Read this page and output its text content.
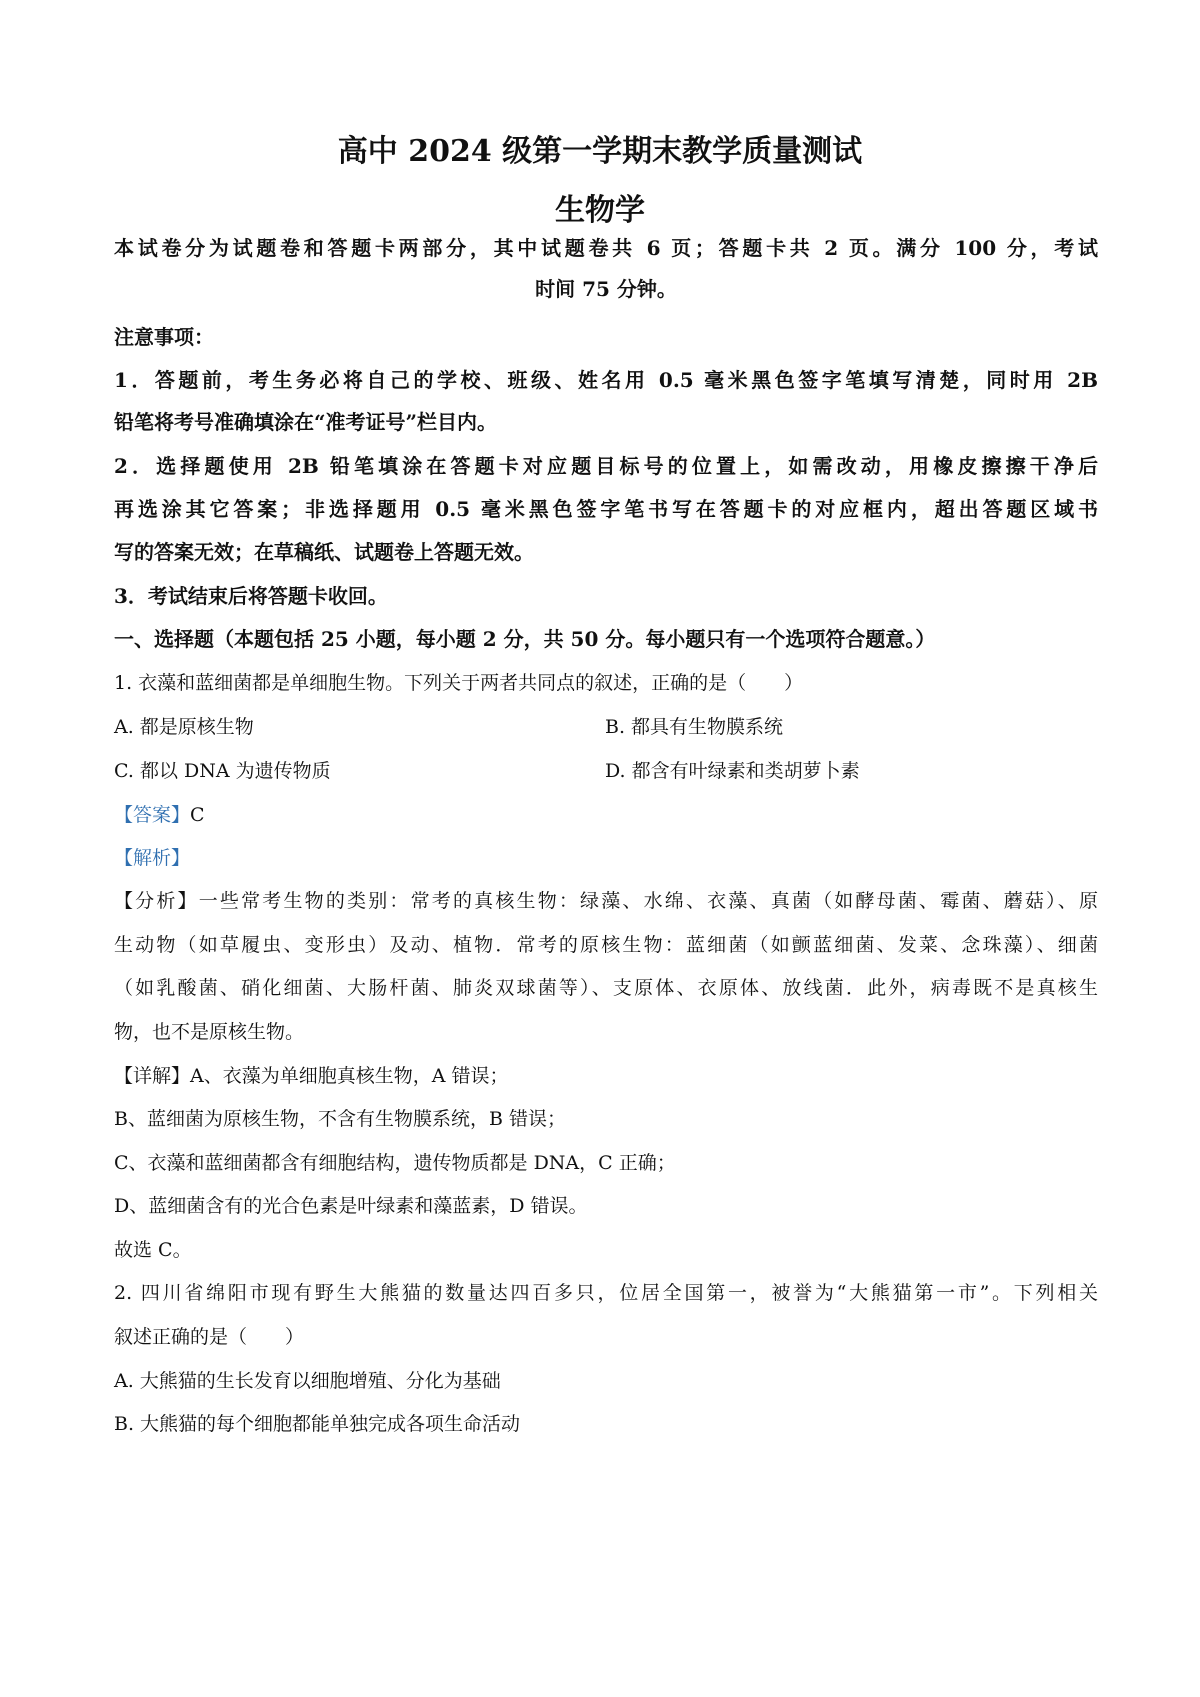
高中 2024 级第一学期末教学质量测试
生物学
本试卷分为试题卷和答题卡两部分，其中试题卷共 6 页；答题卡共 2 页。满分 100 分，考试
时间 75 分钟。
注意事项：
1．答题前，考生务必将自己的学校、班级、姓名用 0.5 毫米黑色签字笔填写清楚，同时用 2B
铅笔将考号准确填涂在“准考证号”栏目内。
2．选择题使用 2B 铅笔填涂在答题卡对应题目标号的位置上，如需改动，用橡皮擦擦干净后
再选涂其它答案；非选择题用 0.5 毫米黑色签字笔书写在答题卡的对应框内，超出答题区域书
写的答案无效；在草稿纸、试题卷上答题无效。
3．考试结束后将答题卡收回。
一、选择题（本题包括 25 小题，每小题 2 分，共 50 分。每小题只有一个选项符合题意。）
1. 衣藻和蓝细菌都是单细胞生物。下列关于两者共同点的叙述，正确的是（　　）
A. 都是原核生物	B. 都具有生物膜系统
C. 都以 DNA 为遗传物质	D. 都含有叶绿素和类胡萝卜素
【答案】C
【解析】
【分析】一些常考生物的类别：常考的真核生物：绿藻、水绵、衣藻、真菌（如酵母菌、霉菌、蘑菇）、原
生动物（如草履虫、变形虫）及动、植物．常考的原核生物：蓝细菌（如颤蓝细菌、发菜、念珠藻）、细菌
（如乳酸菌、硝化细菌、大肠杆菌、肺炎双球菌等）、支原体、衣原体、放线菌．此外，病毒既不是真核生
物，也不是原核生物。
【详解】A、衣藻为单细胞真核生物，A 错误；
B、蓝细菌为原核生物，不含有生物膜系统，B 错误；
C、衣藻和蓝细菌都含有细胞结构，遗传物质都是 DNA，C 正确；
D、蓝细菌含有的光合色素是叶绿素和藻蓝素，D 错误。
故选 C。
2. 四川省绵阳市现有野生大熊猫的数量达四百多只，位居全国第一，被誉为“大熊猫第一市”。下列相关
叙述正确的是（　　）
A. 大熊猫的生长发育以细胞增殖、分化为基础
B. 大熊猫的每个细胞都能单独完成各项生命活动
